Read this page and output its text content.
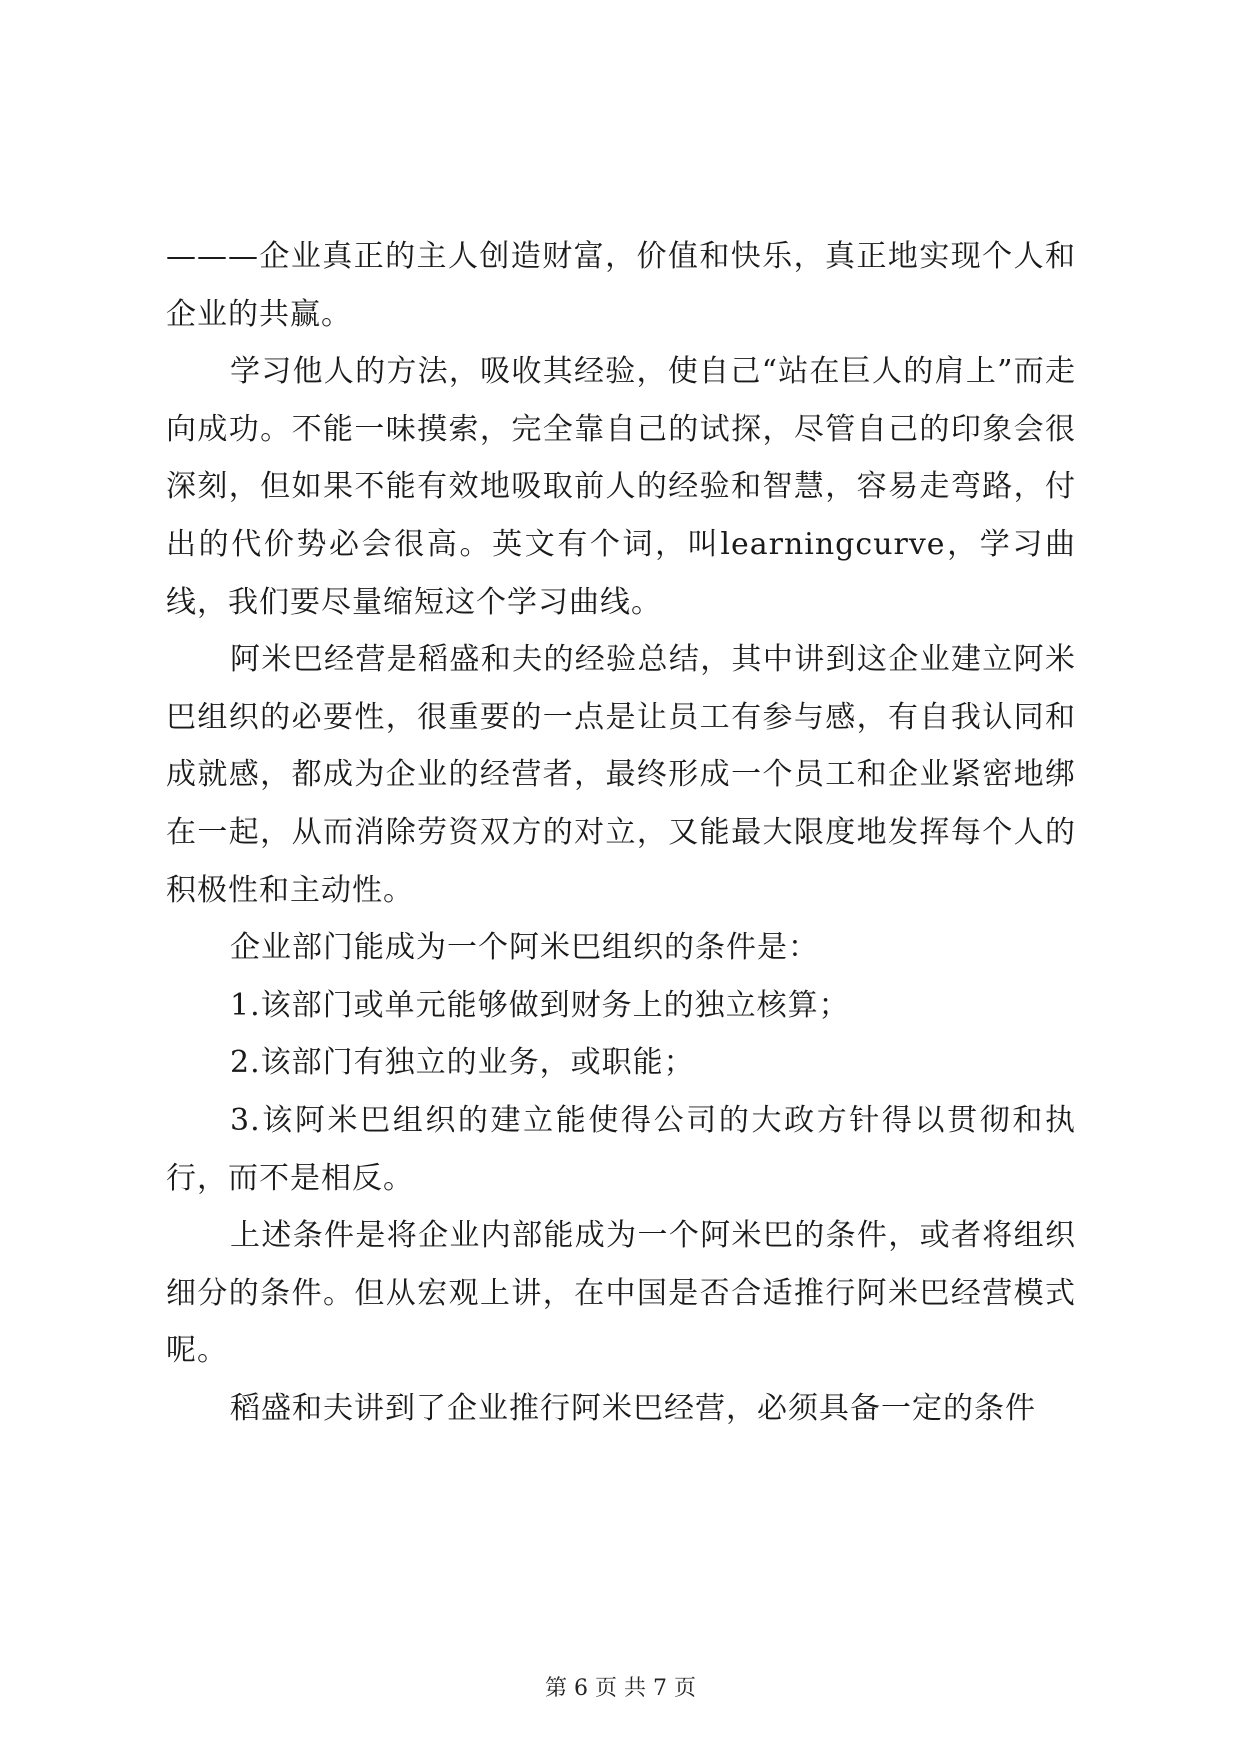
———企业真正的主人创造财富，价值和快乐，真正地实现个人和企业的共赢。

学习他人的方法，吸收其经验，使自己“站在巨人的肩上”而走向成功。不能一味摸索，完全靠自己的试探，尽管自己的印象会很深刻，但如果不能有效地吸取前人的经验和智慧，容易走弯路，付出的代价势必会很高。英文有个词，叫learningcurve，学习曲线，我们要尽量缩短这个学习曲线。

阿米巴经营是稻盛和夫的经验总结，其中讲到这企业建立阿米巴组织的必要性，很重要的一点是让员工有参与感，有自我认同和成就感，都成为企业的经营者，最终形成一个员工和企业紧密地绑在一起，从而消除劳资双方的对立，又能最大限度地发挥每个人的积极性和主动性。

企业部门能成为一个阿米巴组织的条件是：

1.该部门或单元能够做到财务上的独立核算；

2.该部门有独立的业务，或职能；

3.该阿米巴组织的建立能使得公司的大政方针得以贯彻和执行，而不是相反。

上述条件是将企业内部能成为一个阿米巴的条件，或者将组织细分的条件。但从宏观上讲，在中国是否合适推行阿米巴经营模式呢。

稻盛和夫讲到了企业推行阿米巴经营，必须具备一定的条件

第 6 页 共 7 页
